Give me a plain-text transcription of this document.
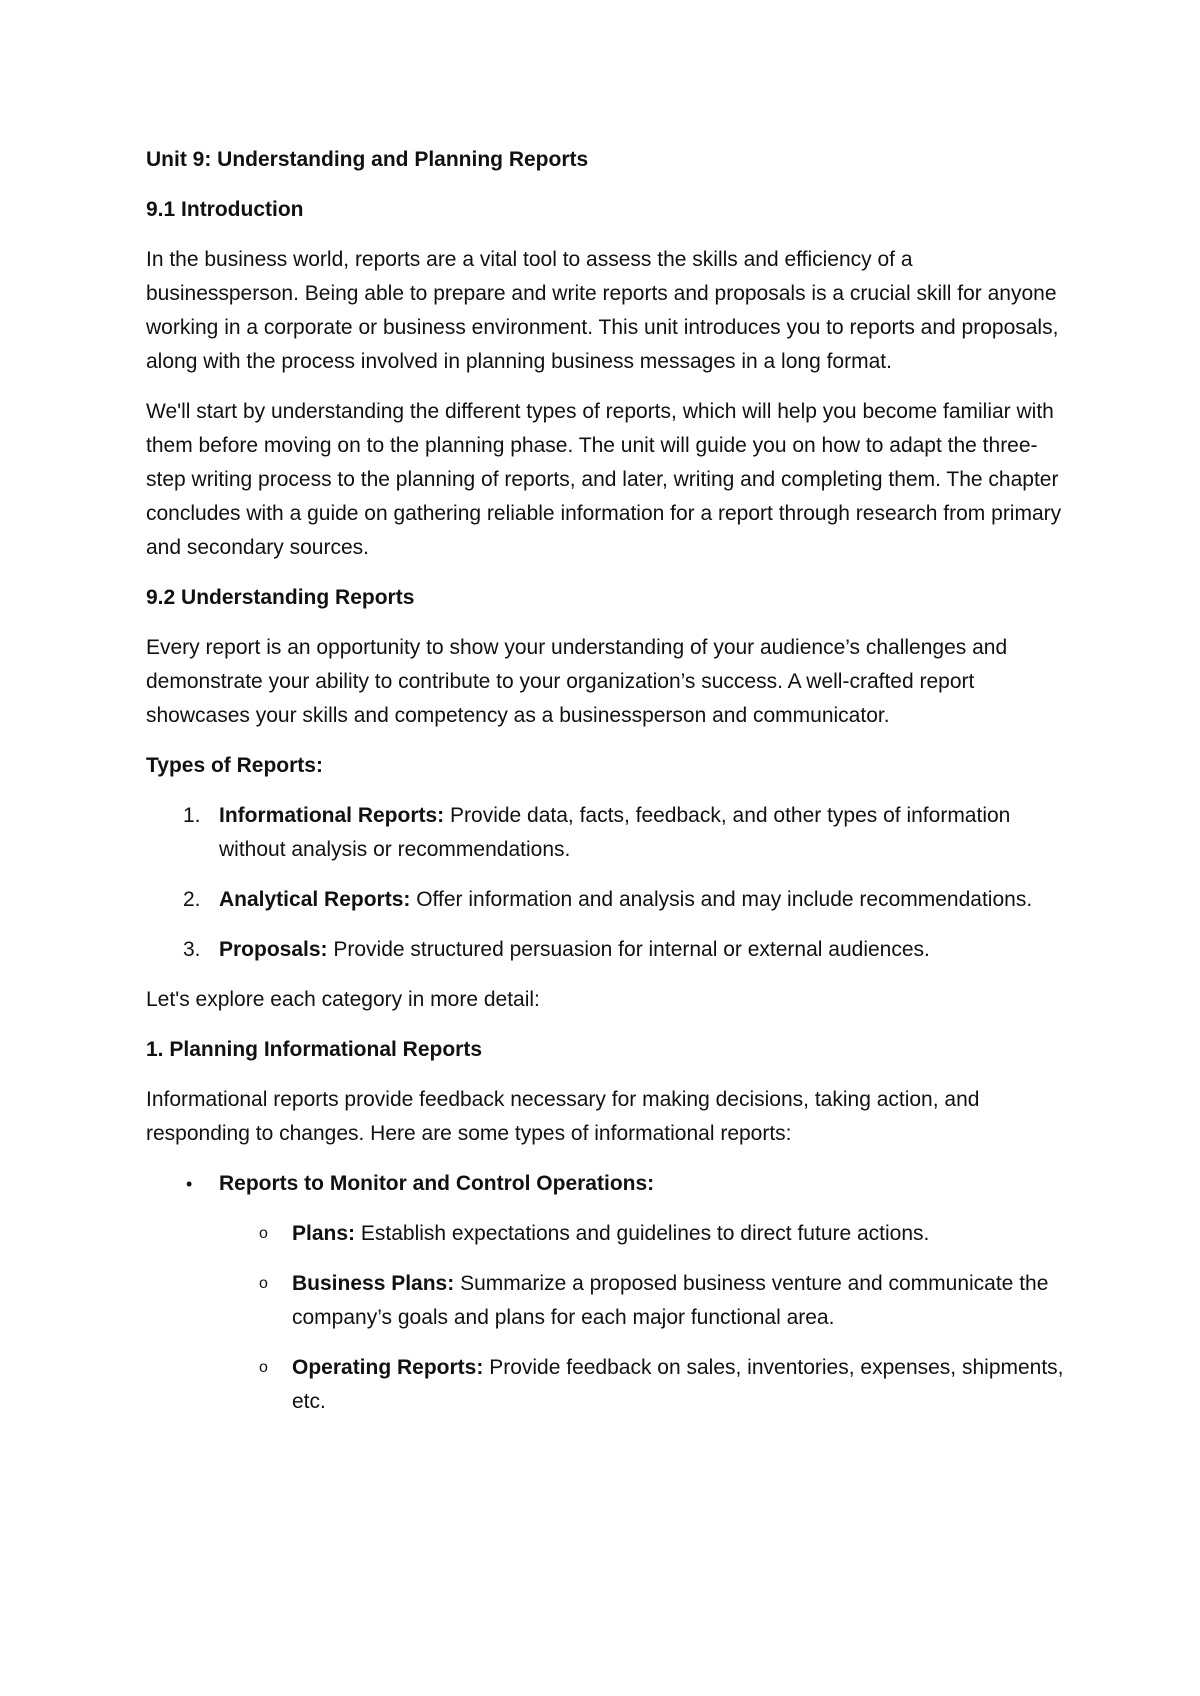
Unit 9: Understanding and Planning Reports

9.1 Introduction

In the business world, reports are a vital tool to assess the skills and efficiency of a businessperson. Being able to prepare and write reports and proposals is a crucial skill for anyone working in a corporate or business environment. This unit introduces you to reports and proposals, along with the process involved in planning business messages in a long format.

We'll start by understanding the different types of reports, which will help you become familiar with them before moving on to the planning phase. The unit will guide you on how to adapt the three-step writing process to the planning of reports, and later, writing and completing them. The chapter concludes with a guide on gathering reliable information for a report through research from primary and secondary sources.

9.2 Understanding Reports

Every report is an opportunity to show your understanding of your audience’s challenges and demonstrate your ability to contribute to your organization’s success. A well-crafted report showcases your skills and competency as a businessperson and communicator.

Types of Reports:

1. Informational Reports: Provide data, facts, feedback, and other types of information without analysis or recommendations.
2. Analytical Reports: Offer information and analysis and may include recommendations.
3. Proposals: Provide structured persuasion for internal or external audiences.

Let's explore each category in more detail:

1. Planning Informational Reports

Informational reports provide feedback necessary for making decisions, taking action, and responding to changes. Here are some types of informational reports:

• Reports to Monitor and Control Operations:
o Plans: Establish expectations and guidelines to direct future actions.
o Business Plans: Summarize a proposed business venture and communicate the company’s goals and plans for each major functional area.
o Operating Reports: Provide feedback on sales, inventories, expenses, shipments, etc.
